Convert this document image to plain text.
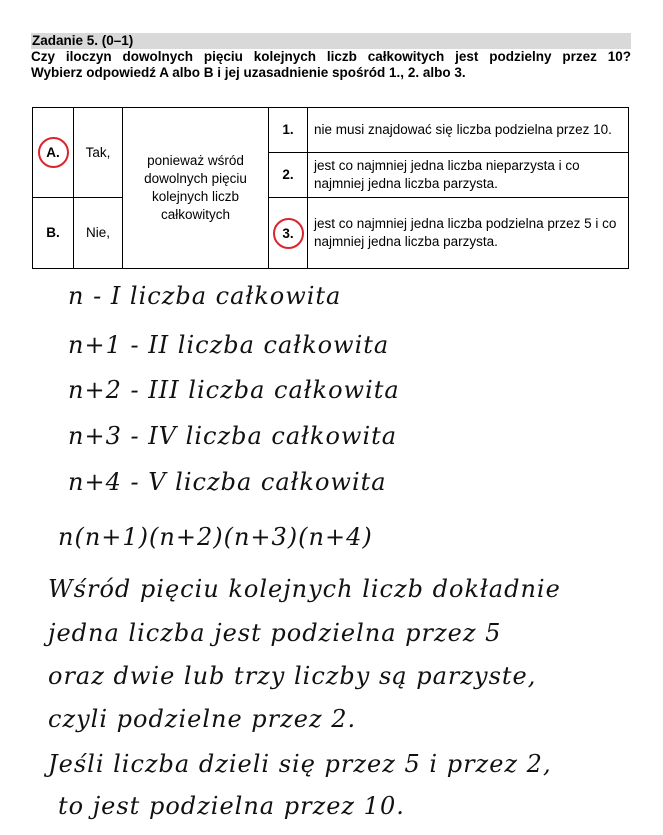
Zadanie 5. (0–1)
Czy iloczyn dowolnych pięciu kolejnych liczb całkowitych jest podzielny przez 10?
Wybierz odpowiedź A albo B i jej uzasadnienie spośród 1., 2. albo 3.
A.	Tak,	ponieważ wśród dowolnych pięciu kolejnych liczb całkowitych	1.	nie musi znajdować się liczba podzielna przez 10.
			2.	jest co najmniej jedna liczba nieparzysta i co najmniej jedna liczba parzysta.
B.	Nie,			
			3.	jest co najmniej jedna liczba podzielna przez 5 i co najmniej jedna liczba parzysta.
n - I liczba całkowita
n+1 - II liczba całkowita
n+2 - III liczba całkowita
n+3 - IV liczba całkowita
n+4 - V liczba całkowita
n(n+1)(n+2)(n+3)(n+4)
Wśród pięciu kolejnych liczb dokładnie
jedna liczba jest podzielna przez 5
oraz dwie lub trzy liczby są parzyste,
czyli podzielne przez 2.
Jeśli liczba dzieli się przez 5 i przez 2,
to jest podzielna przez 10.
